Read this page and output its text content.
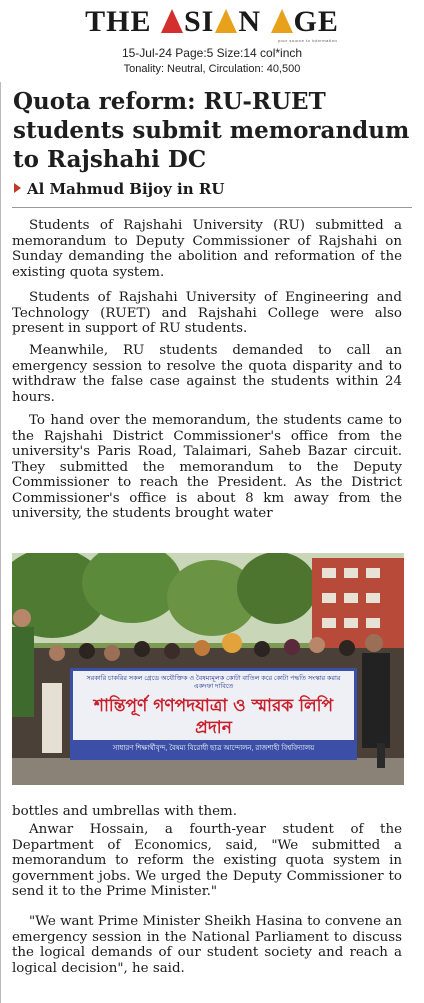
THE SI N GE
your source to information
15-Jul-24 Page:5 Size:14 col*inch
Tonality: Neutral, Circulation: 40,500
Quota reform: RU-RUET students submit memorandum to Rajshahi DC
Al Mahmud Bijoy in RU

Students of Rajshahi University (RU) submitted a memorandum to Deputy Commissioner of Rajshahi on Sunday demanding the abolition and reformation of the existing quota system.

Students of Rajshahi University of Engineering and Technology (RUET) and Rajshahi College were also present in support of RU students.

Meanwhile, RU students demanded to call an emergency session to resolve the quota disparity and to withdraw the false case against the students within 24 hours.

To hand over the memorandum, the students came to the Rajshahi District Commissioner's office from the university's Paris Road, Talaimari, Saheb Bazar circuit. They submitted the memorandum to the Deputy Commissioner to reach the President. As the District Commissioner's office is about 8 km away from the university, the students brought water

সরকারি চাকরির সকল গ্রেডে অযৌক্তিক ও বৈষম্যমূলক কোটা বাতিল করে কোটা পদ্ধতি সংস্কার করার একদফা দাবিতে
শান্তিপূর্ণ গণপদযাত্রা ও স্মারক লিপি প্রদান
সাধারণ শিক্ষার্থীবৃন্দ, বৈষম্য বিরোধী ছাত্র আন্দোলন, রাজশাহী বিশ্ববিদ্যালয়

bottles and umbrellas with them.

Anwar Hossain, a fourth-year student of the Department of Economics, said, "We submitted a memorandum to reform the existing quota system in government jobs. We urged the Deputy Commissioner to send it to the Prime Minister."

"We want Prime Minister Sheikh Hasina to convene an emergency session in the National Parliament to discuss the logical demands of our student society and reach a logical decision", he said.
